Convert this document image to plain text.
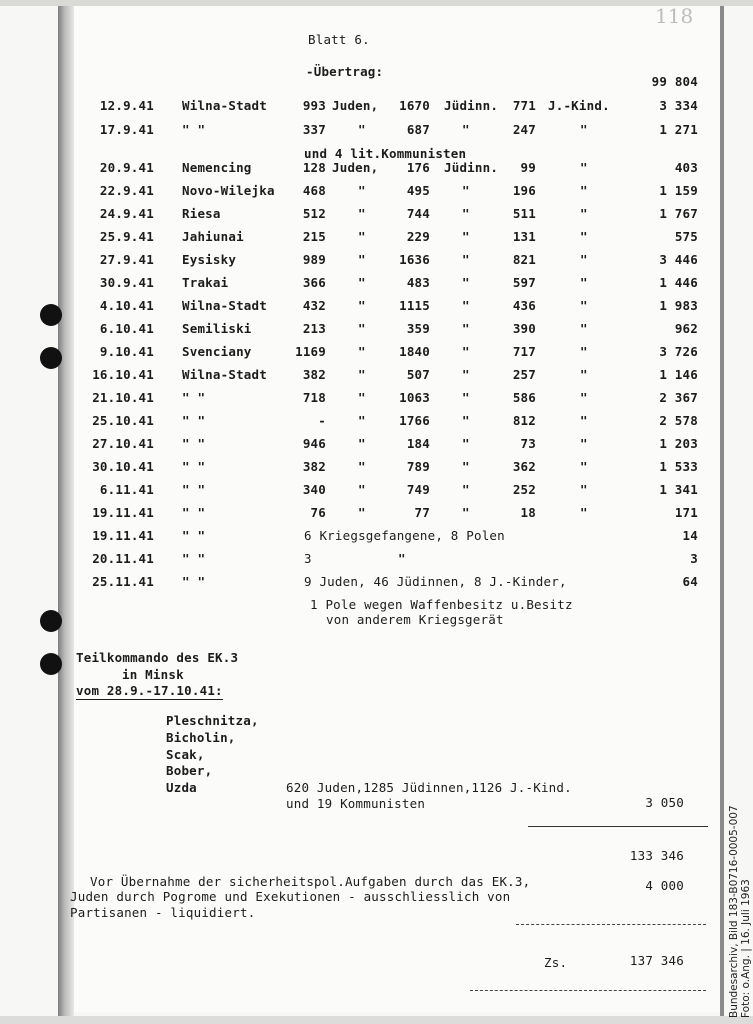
118
Blatt 6.
-Übertrag:
99 804
12.9.41 Wilna-Stadt	993 Juden,	1670 Jüdinn.	771 J.-Kind.	3 334
17.9.41 " "	337	"	687	"	247	"	1 271
20.9.41 Nemencing	128 Juden,	176 Jüdinn.	99	"	403
22.9.41 Novo-Wilejka	468	"	495	"	196	"	1 159
24.9.41 Riesa	512	"	744	"	511	"	1 767
25.9.41 Jahiunai	215	"	229	"	131	"	575
27.9.41 Eysisky	989	"	1636	"	821	"	3 446
30.9.41 Trakai	366	"	483	"	597	"	1 446
4.10.41 Wilna-Stadt	432	"	1115	"	436	"	1 983
6.10.41 Semiliski	213	"	359	"	390	"	962
9.10.41 Svenciany	1169	"	1840	"	717	"	3 726
16.10.41 Wilna-Stadt	382	"	507	"	257	"	1 146
21.10.41 " "	718	"	1063	"	586	"	2 367
25.10.41 " "	-	"	1766	"	812	"	2 578
27.10.41 " "	946	"	184	"	73	"	1 203
30.10.41 " "	382	"	789	"	362	"	1 533
6.11.41 " "	340	"	749	"	252	"	1 341
19.11.41 " "	76	"	77	"	18	"	171
und 4 lit.Kommunisten
19.11.41 " "	6 Kriegsgefangene, 8 Polen	14
20.11.41 " "	3	"	3
25.11.41 " "	9 Juden, 46 Jüdinnen, 8 J.-Kinder,	64
1 Pole wegen Waffenbesitz u.Besitz
von anderem Kriegsgerät
Teilkommando des EK.3
in Minsk
vom 28.9.-17.10.41:
Pleschnitza,
Bicholin,
Scak,
Bober,
Uzda	620 Juden,1285 Jüdinnen,1126 J.-Kind.
und 19 Kommunisten	3 050
133 346
Vor Übernahme der sicherheitspol.Aufgaben durch das EK.3,
Juden durch Pogrome und Exekutionen - ausschliesslich von
Partisanen - liquidiert.
4 000
Zs.	137 346	Bundesarchiv, Bild 183-B0716-0005-007 Foto: o.Ang. | 16. Juli 1963
